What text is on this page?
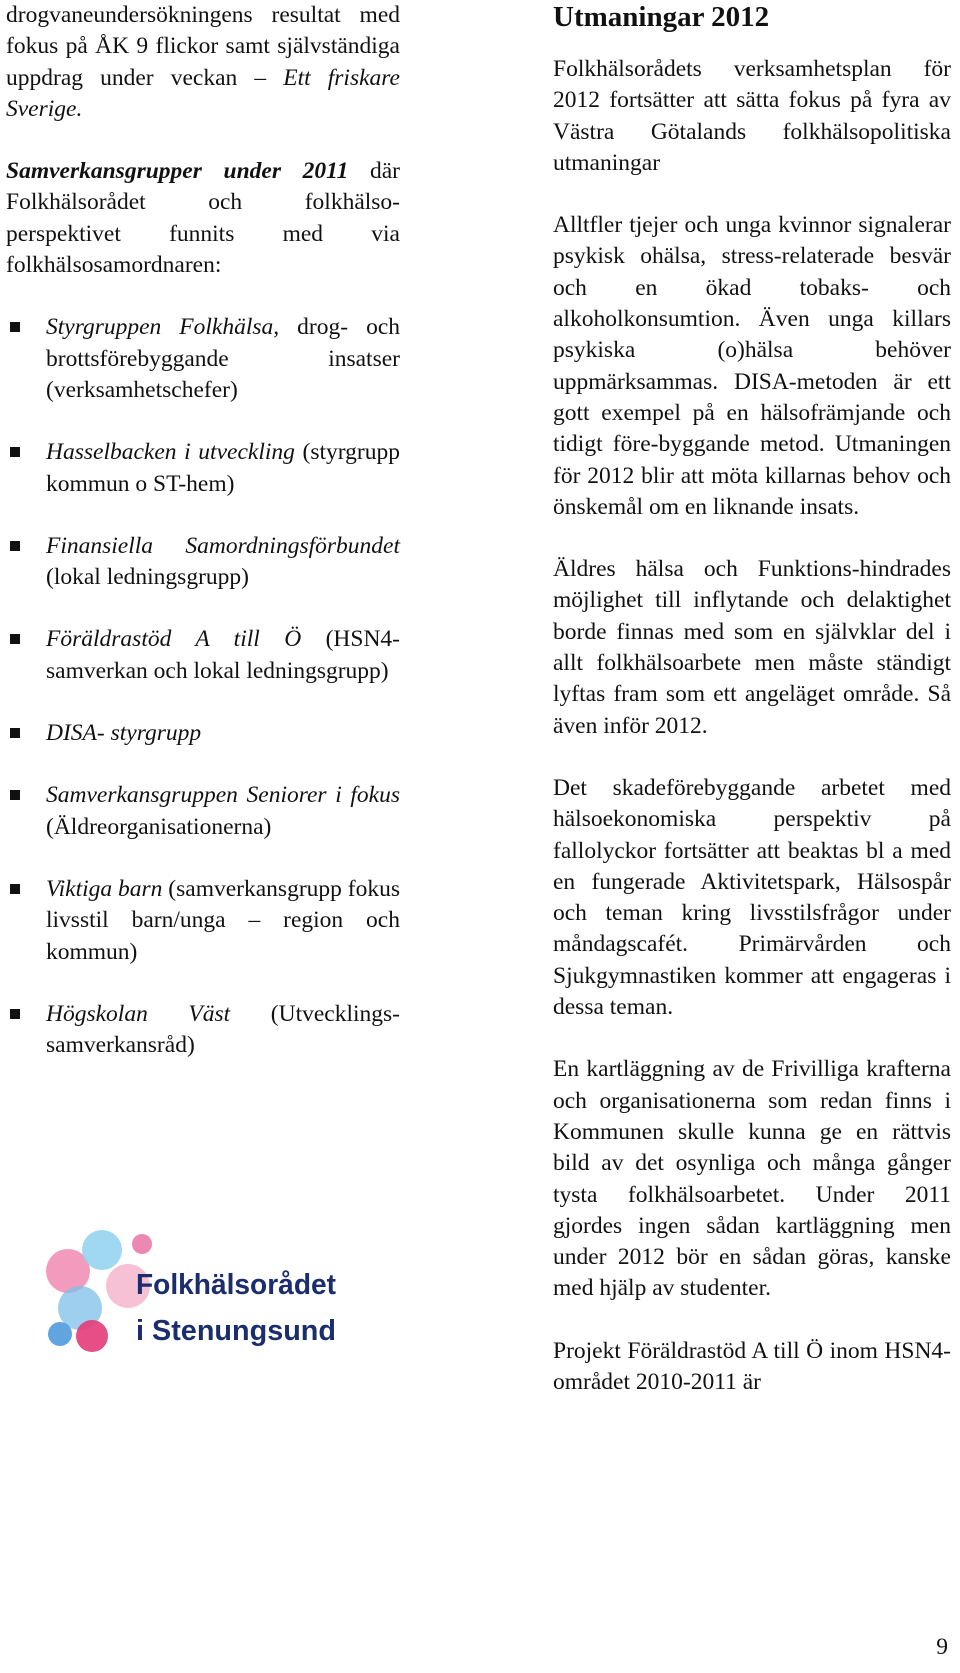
drogvaneundersökningens resultat med fokus på ÅK 9 flickor samt självständiga uppdrag under veckan – Ett friskare Sverige.

Samverkansgrupper under 2011 där Folkhälsorådet och folkhälso-perspektivet funnits med via folkhälsosamordnaren:

Styrgruppen Folkhälsa, drog- och brottsförebyggande insatser (verksamhetschefer)
Hasselbacken i utveckling (styrgrupp kommun o ST-hem)
Finansiella Samordningsförbundet (lokal ledningsgrupp)
Föräldrastöd A till Ö (HSN4-samverkan och lokal ledningsgrupp)
DISA- styrgrupp
Samverkansgruppen Seniorer i fokus (Äldreorganisationerna)
Viktiga barn (samverkansgrupp fokus livsstil barn/unga – region och kommun)
Högskolan Väst (Utvecklings- samverkansråd)
Folkhälsorådet
i Stenungsund
Utmaningar 2012

Folkhälsorådets verksamhetsplan för 2012 fortsätter att sätta fokus på fyra av Västra Götalands folkhälsopolitiska utmaningar

Alltfler tjejer och unga kvinnor signalerar psykisk ohälsa, stress-relaterade besvär och en ökad tobaks- och alkoholkonsumtion. Även unga killars psykiska (o)hälsa behöver uppmärksammas. DISA-metoden är ett gott exempel på en hälsofrämjande och tidigt före-byggande metod. Utmaningen för 2012 blir att möta killarnas behov och önskemål om en liknande insats.

Äldres hälsa och Funktions-hindrades möjlighet till inflytande och delaktighet borde finnas med som en självklar del i allt folkhälsoarbete men måste ständigt lyftas fram som ett angeläget område. Så även inför 2012.

Det skadeförebyggande arbetet med hälsoekonomiska perspektiv på fallolyckor fortsätter att beaktas bl a med en fungerade Aktivitetspark, Hälsospår och teman kring livsstilsfrågor under måndagscafét. Primärvården och Sjukgymnastiken kommer att engageras i dessa teman.

En kartläggning av de Frivilliga krafterna och organisationerna som redan finns i Kommunen skulle kunna ge en rättvis bild av det osynliga och många gånger tysta folkhälsoarbetet. Under 2011 gjordes ingen sådan kartläggning men under 2012 bör en sådan göras, kanske med hjälp av studenter.

Projekt Föräldrastöd A till Ö inom HSN4-området 2010-2011 är

9
